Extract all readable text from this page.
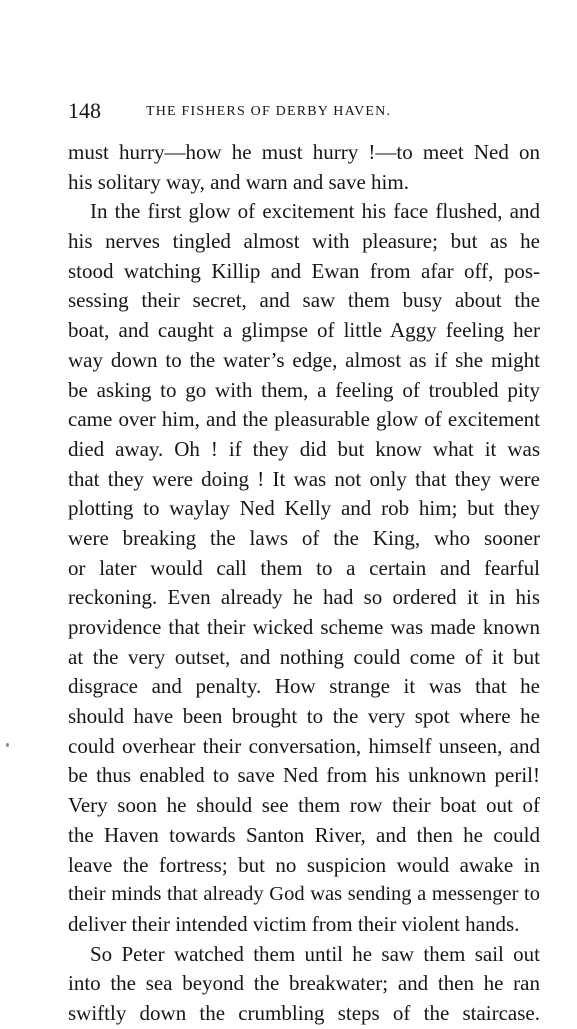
148	THE FISHERS OF DERBY HAVEN.
must hurry—how he must hurry !—to meet Ned on
his solitary way, and warn and save him.
In the first glow of excitement his face flushed, and
his nerves tingled almost with pleasure; but as he
stood watching Killip and Ewan from afar off, pos-
sessing their secret, and saw them busy about the
boat, and caught a glimpse of little Aggy feeling her
way down to the water’s edge, almost as if she might
be asking to go with them, a feeling of troubled pity
came over him, and the pleasurable glow of excitement
died away. Oh ! if they did but know what it was
that they were doing ! It was not only that they were
plotting to waylay Ned Kelly and rob him; but they
were breaking the laws of the King, who sooner
or later would call them to a certain and fearful
reckoning. Even already he had so ordered it in his
providence that their wicked scheme was made known
at the very outset, and nothing could come of it but
disgrace and penalty. How strange it was that he
should have been brought to the very spot where he
could overhear their conversation, himself unseen, and
be thus enabled to save Ned from his unknown peril!
Very soon he should see them row their boat out of
the Haven towards Santon River, and then he could
leave the fortress; but no suspicion would awake in
their minds that already God was sending a messenger to
deliver their intended victim from their violent hands.
So Peter watched them until he saw them sail out
into the sea beyond the breakwater; and then he ran
swiftly down the crumbling steps of the staircase.
